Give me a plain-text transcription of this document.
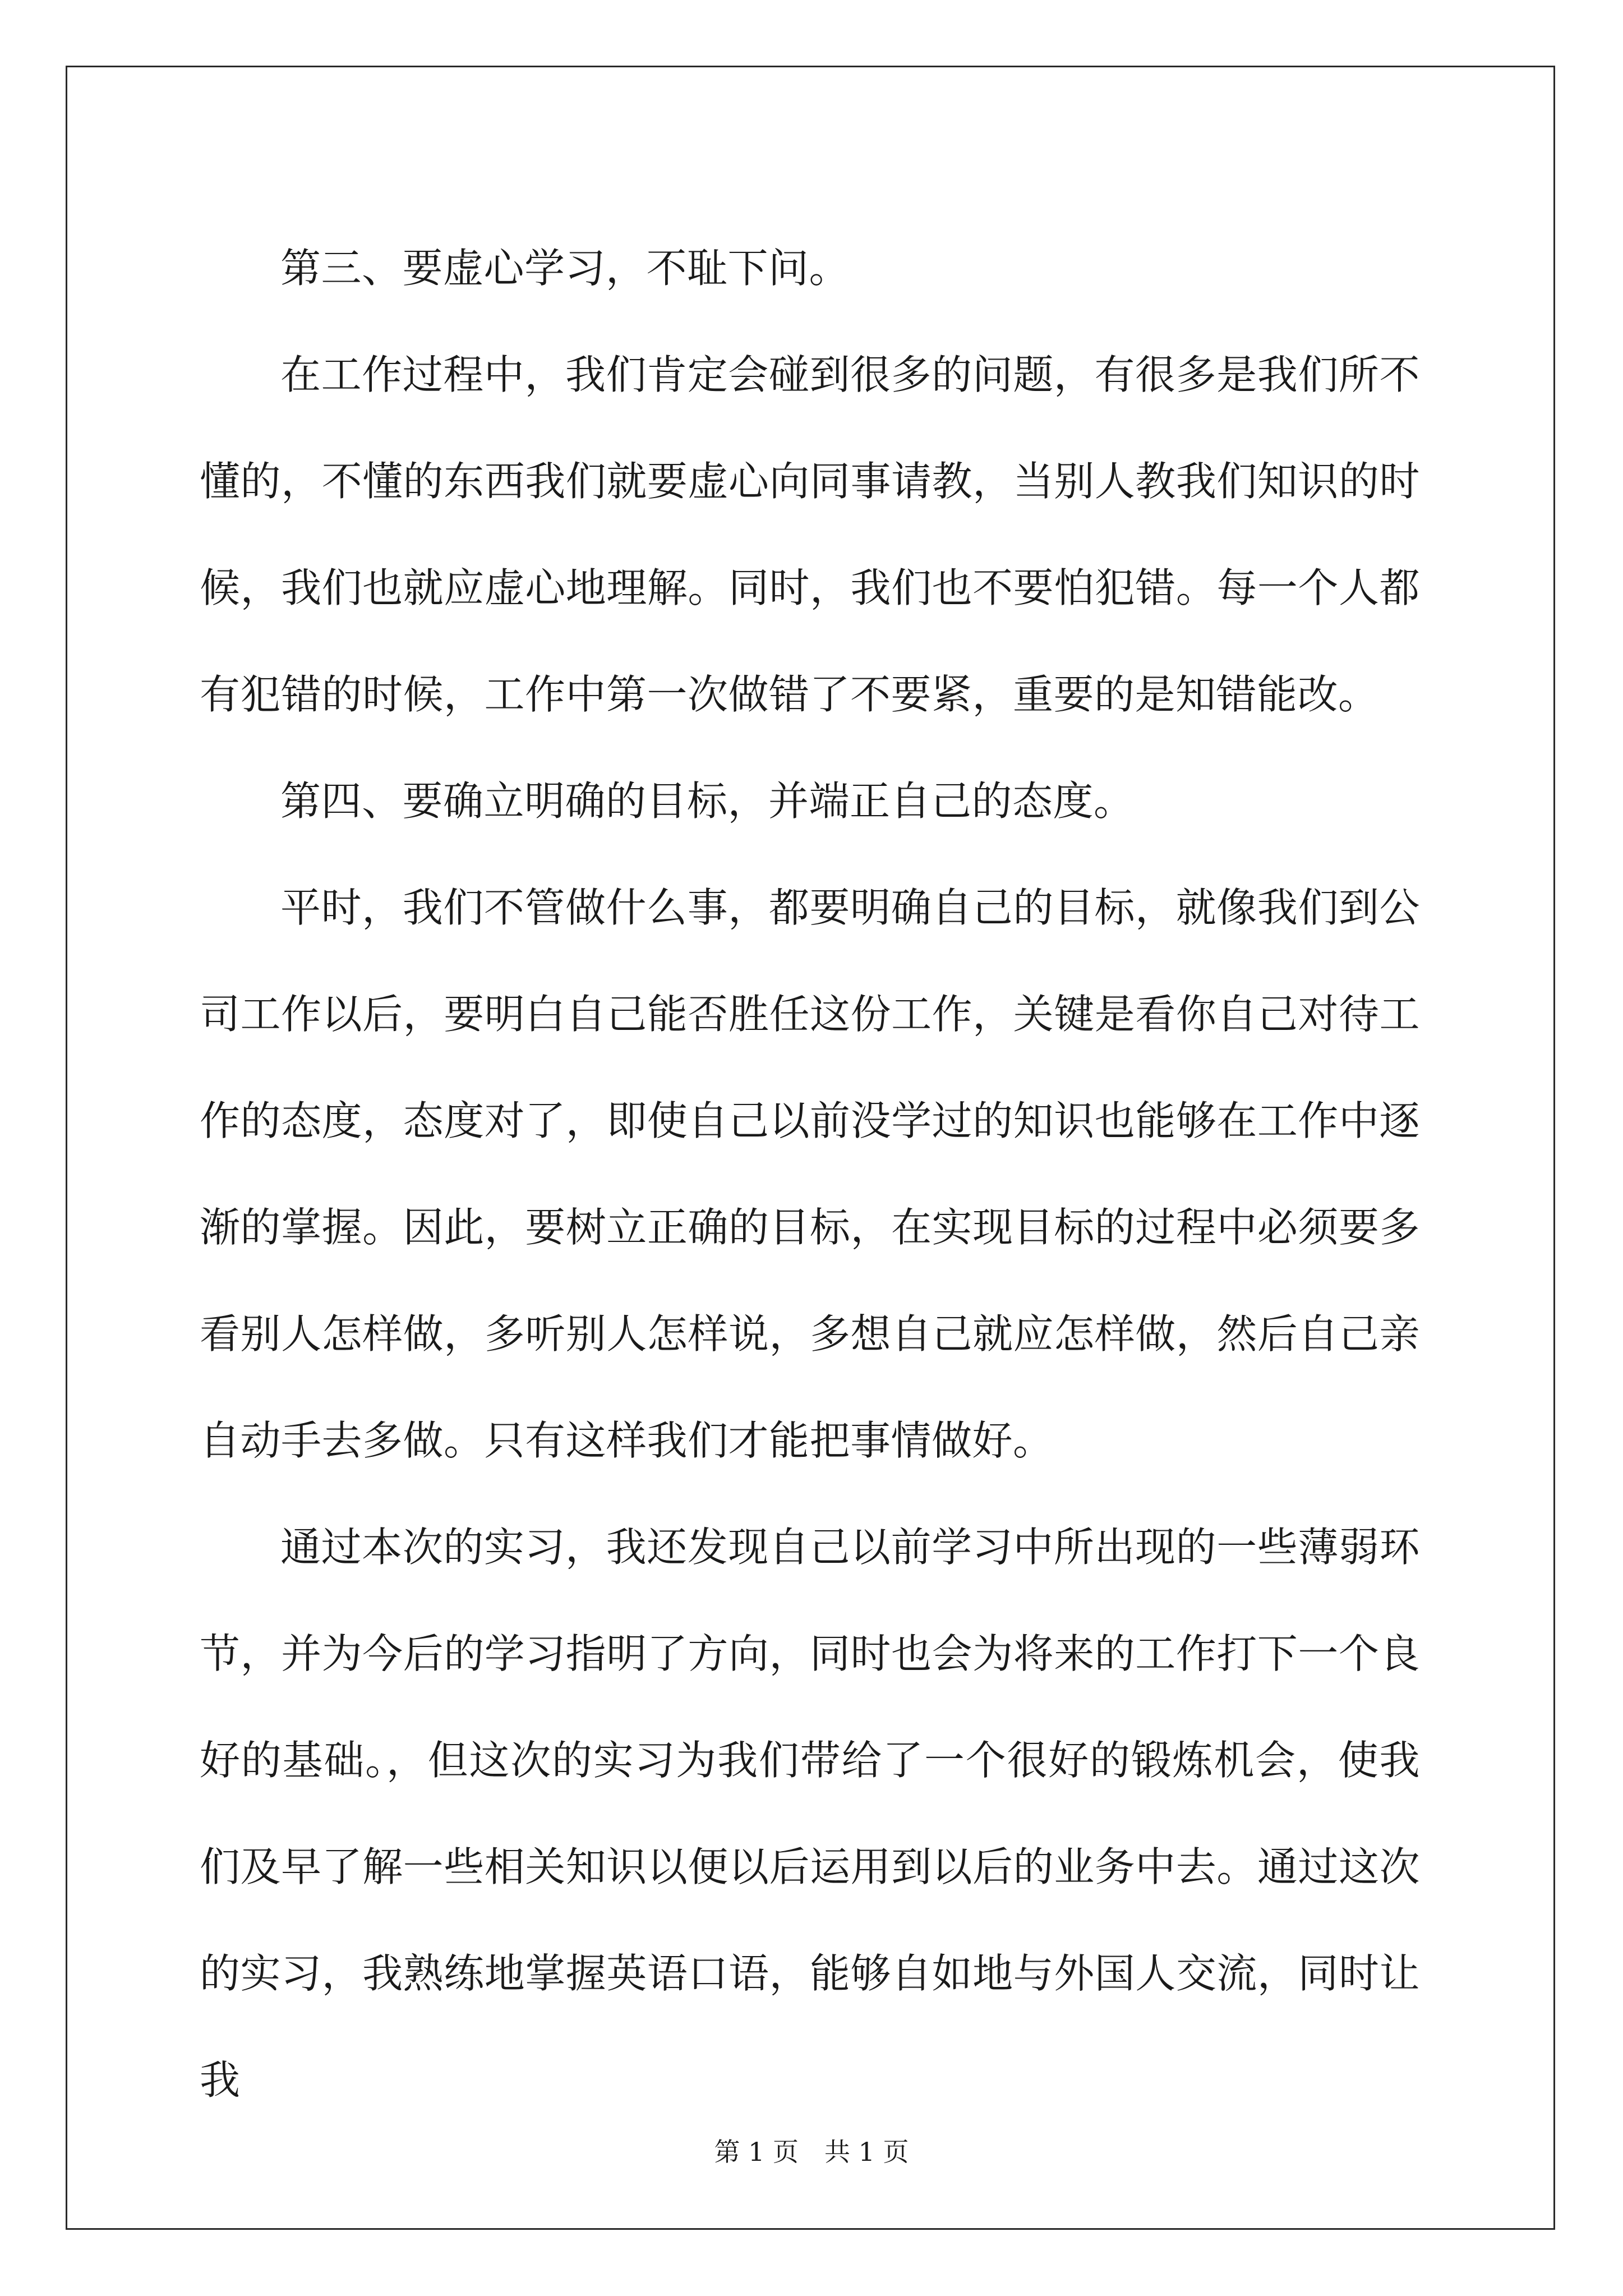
第三、要虚心学习，不耻下问。

在工作过程中，我们肯定会碰到很多的问题，有很多是我们所不懂的，不懂的东西我们就要虚心向同事请教，当别人教我们知识的时候，我们也就应虚心地理解。同时，我们也不要怕犯错。每一个人都有犯错的时候，工作中第一次做错了不要紧，重要的是知错能改。

第四、要确立明确的目标，并端正自己的态度。

平时，我们不管做什么事，都要明确自己的目标，就像我们到公司工作以后，要明白自己能否胜任这份工作，关键是看你自己对待工作的态度，态度对了，即使自己以前没学过的知识也能够在工作中逐渐的掌握。因此，要树立正确的目标，在实现目标的过程中必须要多看别人怎样做，多听别人怎样说，多想自己就应怎样做，然后自己亲自动手去多做。只有这样我们才能把事情做好。

通过本次的实习，我还发现自己以前学习中所出现的一些薄弱环节，并为今后的学习指明了方向，同时也会为将来的工作打下一个良好的基础。，但这次的实习为我们带给了一个很好的锻炼机会，使我们及早了解一些相关知识以便以后运用到以后的业务中去。通过这次的实习，我熟练地掌握英语口语，能够自如地与外国人交流，同时让我

第 1 页　共 1 页
